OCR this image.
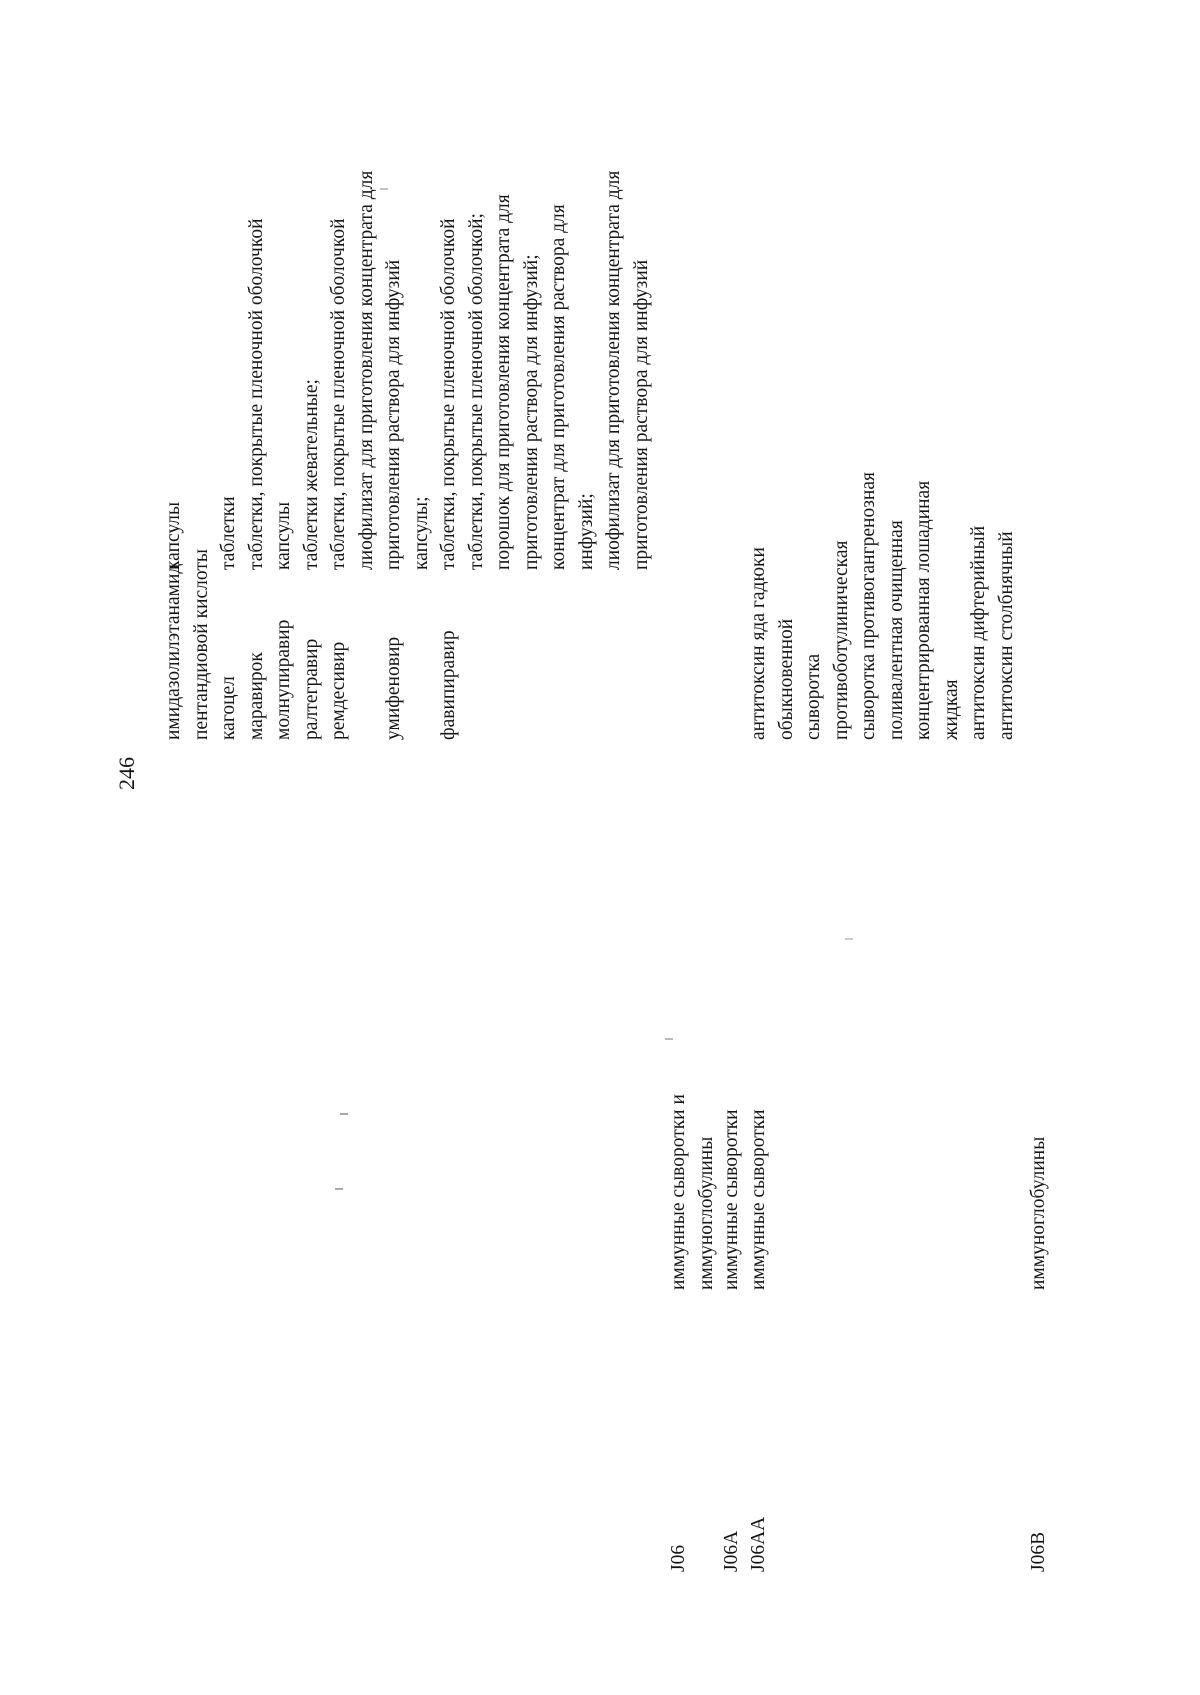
246
имидазолилэтанамид пентандиовой кислоты кагоцел маравирок молнупиравир ралтегравир ремдесивир умифеновир фавипиравир
капсулы таблетки таблетки, покрытые пленочной оболочкой капсулы таблетки жевательные; таблетки, покрытые пленочной оболочкой лиофилизат для приготовления концентрата для приготовления раствора для инфузий капсулы; таблетки, покрытые пленочной оболочкой таблетки, покрытые пленочной оболочкой; порошок для приготовления концентрата для приготовления раствора для инфузий; концентрат для приготовления раствора для инфузий; лиофилизат для приготовления концентрата для приготовления раствора для инфузий
J06 J06A J06AA	J06B
иммунные сыворотки и иммуноглобулины иммунные сыворотки иммунные сыворотки	иммуноглобулины
антитоксин яда гадюки обыкновенной сыворотка противоботулиническая сыворотка противогангренозная поливалентная очищенная концентрированная лошадиная жидкая антитоксин дифтерийный антитоксин столбнячный
